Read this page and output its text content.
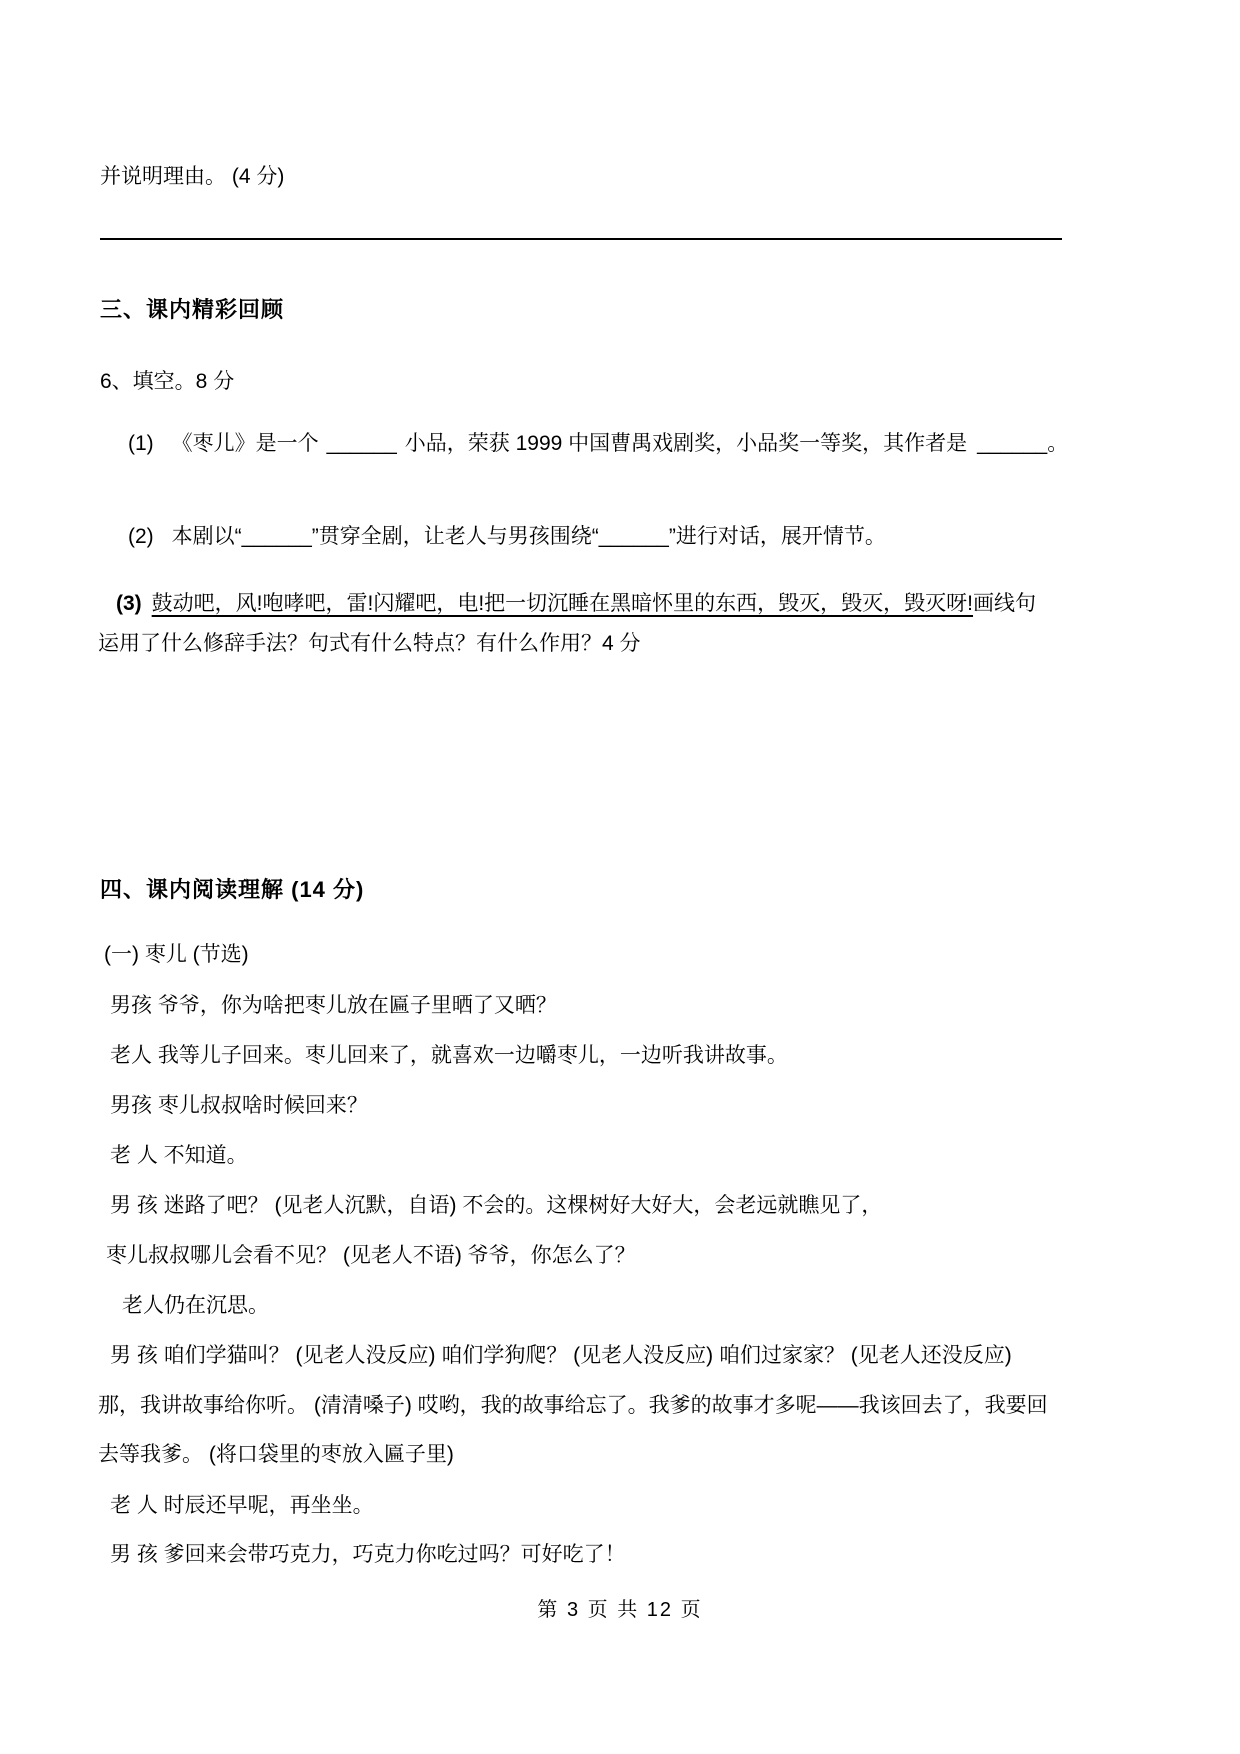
并说明理由。 (4 分)
三、课内精彩回顾
6、填空。8 分
(1) 《枣儿》是一个 ______ 小品，荣获 1999 中国曹禺戏剧奖，小品奖一等奖，其作者是 ______。
(2) 本剧以“______”贯穿全剧，让老人与男孩围绕“______”进行对话，展开情节。
(3) 鼓动吧，风!咆哮吧，雷!闪耀吧，电!把一切沉睡在黑暗怀里的东西，毁灭，毁灭，毁灭呀!画线句
运用了什么修辞手法？句式有什么特点？有什么作用？4 分
四、课内阅读理解 (14 分)
(一) 枣儿 (节选)
男孩 爷爷，你为啥把枣儿放在匾子里晒了又晒？
老人 我等儿子回来。枣儿回来了，就喜欢一边嚼枣儿，一边听我讲故事。
男孩 枣儿叔叔啥时候回来？
老 人 不知道。
男 孩 迷路了吧？ (见老人沉默，自语) 不会的。这棵树好大好大，会老远就瞧见了，
枣儿叔叔哪儿会看不见？ (见老人不语) 爷爷，你怎么了？
老人仍在沉思。
男 孩 咱们学猫叫？ (见老人没反应) 咱们学狗爬？ (见老人没反应) 咱们过家家？ (见老人还没反应)
那，我讲故事给你听。 (清清嗓子) 哎哟，我的故事给忘了。我爹的故事才多呢——我该回去了，我要回
去等我爹。 (将口袋里的枣放入匾子里)
老 人 时辰还早呢，再坐坐。
男 孩 爹回来会带巧克力，巧克力你吃过吗？可好吃了！
第 3 页 共 12 页
